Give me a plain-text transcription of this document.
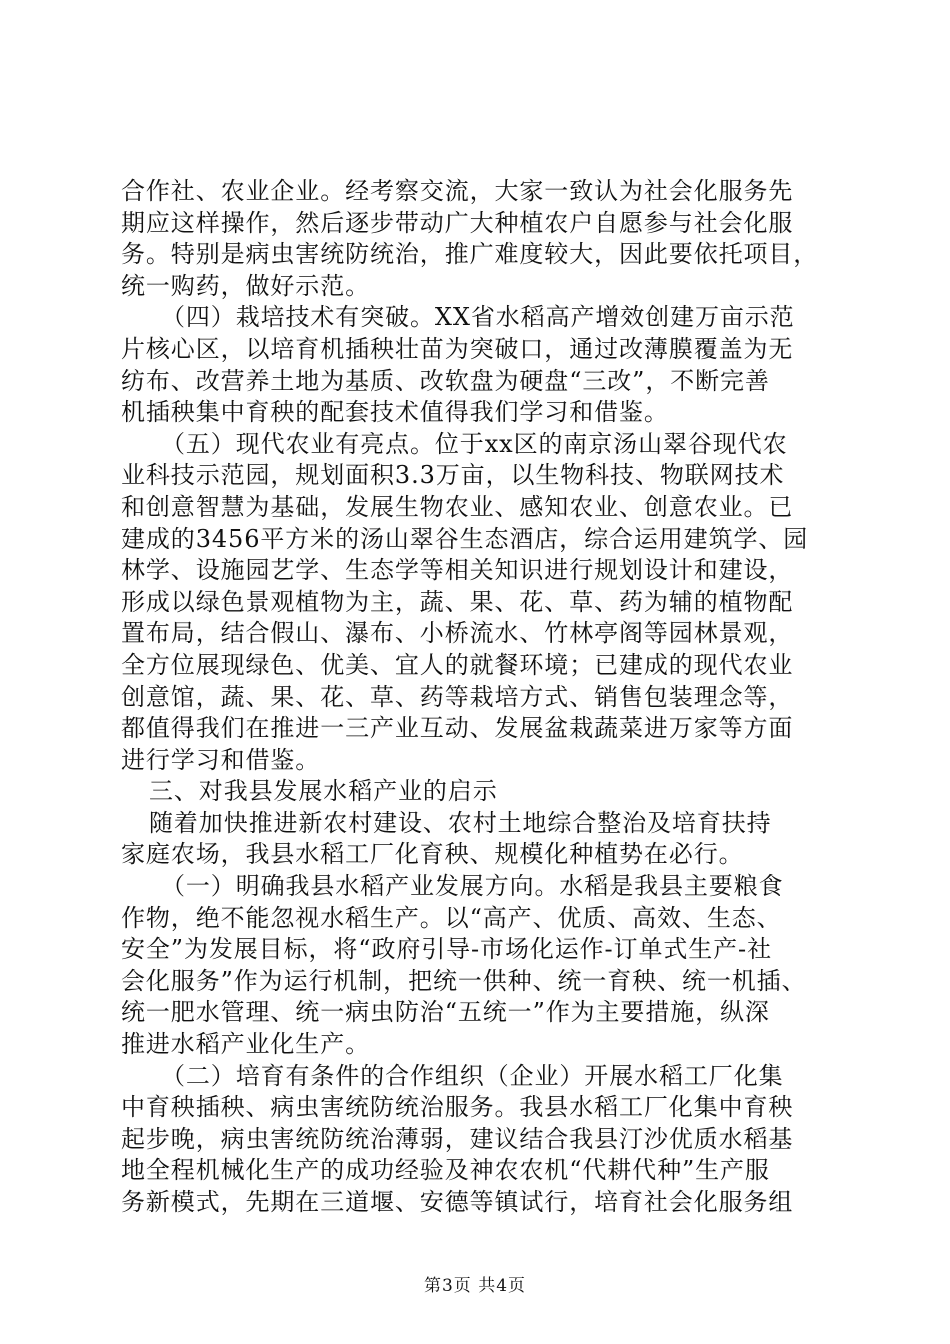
合作社、农业企业。经考察交流，大家一致认为社会化服务先
期应这样操作，然后逐步带动广大种植农户自愿参与社会化服
务。特别是病虫害统防统治，推广难度较大，因此要依托项目，
统一购药，做好示范。
（四）栽培技术有突破。XX省水稻高产增效创建万亩示范
片核心区，以培育机插秧壮苗为突破口，通过改薄膜覆盖为无
纺布、改营养土地为基质、改软盘为硬盘“三改”，不断完善
机插秧集中育秧的配套技术值得我们学习和借鉴。
（五）现代农业有亮点。位于xx区的南京汤山翠谷现代农
业科技示范园，规划面积3.3万亩，以生物科技、物联网技术
和创意智慧为基础，发展生物农业、感知农业、创意农业。已
建成的3456平方米的汤山翠谷生态酒店，综合运用建筑学、园
林学、设施园艺学、生态学等相关知识进行规划设计和建设，
形成以绿色景观植物为主，蔬、果、花、草、药为辅的植物配
置布局，结合假山、瀑布、小桥流水、竹林亭阁等园林景观，
全方位展现绿色、优美、宜人的就餐环境；已建成的现代农业
创意馆，蔬、果、花、草、药等栽培方式、销售包装理念等，
都值得我们在推进一三产业互动、发展盆栽蔬菜进万家等方面
进行学习和借鉴。
三、对我县发展水稻产业的启示
随着加快推进新农村建设、农村土地综合整治及培育扶持
家庭农场，我县水稻工厂化育秧、规模化种植势在必行。
（一）明确我县水稻产业发展方向。水稻是我县主要粮食
作物，绝不能忽视水稻生产。以“高产、优质、高效、生态、
安全”为发展目标，将“政府引导-市场化运作-订单式生产-社
会化服务”作为运行机制，把统一供种、统一育秧、统一机插、
统一肥水管理、统一病虫防治“五统一”作为主要措施，纵深
推进水稻产业化生产。
（二）培育有条件的合作组织（企业）开展水稻工厂化集
中育秧插秧、病虫害统防统治服务。我县水稻工厂化集中育秧
起步晚，病虫害统防统治薄弱，建议结合我县汀沙优质水稻基
地全程机械化生产的成功经验及神农农机“代耕代种”生产服
务新模式，先期在三道堰、安德等镇试行，培育社会化服务组
第3页 共4页
